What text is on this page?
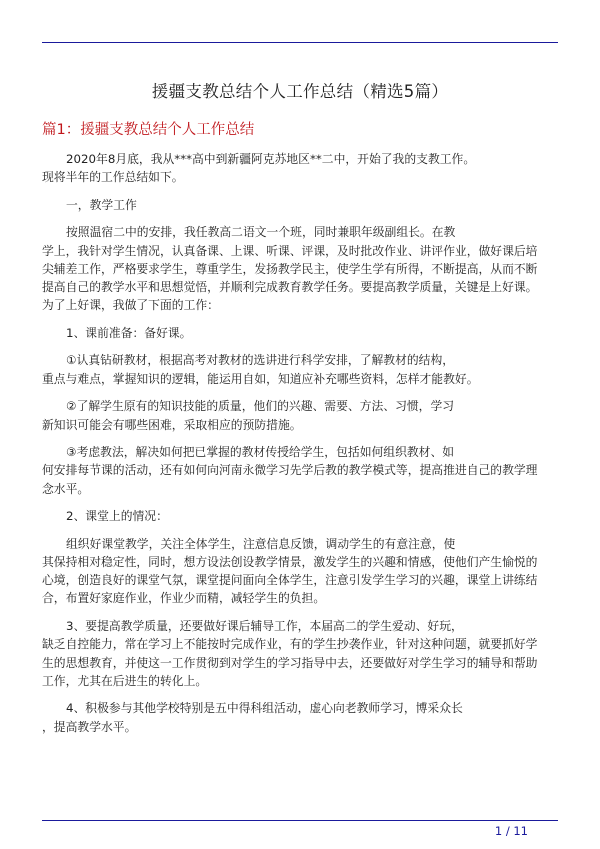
援疆支教总结个人工作总结（精选5篇）
篇1：援疆支教总结个人工作总结

2020年8月底，我从***高中到新疆阿克苏地区**二中，开始了我的支教工作。
现将半年的工作总结如下。

一，教学工作

按照温宿二中的安排，我任教高二语文一个班，同时兼职年级副组长。在教
学上，我针对学生情况，认真备课、上课、听课、评课，及时批改作业、讲评作业，做好课后培
尖辅差工作，严格要求学生，尊重学生，发扬教学民主，使学生学有所得，不断提高，从而不断
提高自己的教学水平和思想觉悟，并顺利完成教育教学任务。要提高教学质量，关键是上好课。
为了上好课，我做了下面的工作：

1、课前准备：备好课。

①认真钻研教材，根据高考对教材的选讲进行科学安排，了解教材的结构，
重点与难点，掌握知识的逻辑，能运用自如，知道应补充哪些资料，怎样才能教好。

②了解学生原有的知识技能的质量，他们的兴趣、需要、方法、习惯，学习
新知识可能会有哪些困难，采取相应的预防措施。

③考虑教法，解决如何把已掌握的教材传授给学生，包括如何组织教材、如
何安排每节课的活动，还有如何向河南永微学习先学后教的教学模式等，提高推进自己的教学理
念水平。

2、课堂上的情况：

组织好课堂教学，关注全体学生，注意信息反馈，调动学生的有意注意，使
其保持相对稳定性，同时，想方设法创设教学情景，激发学生的兴趣和情感，使他们产生愉悦的
心境，创造良好的课堂气氛，课堂提问面向全体学生，注意引发学生学习的兴趣，课堂上讲练结
合，布置好家庭作业，作业少而精，减轻学生的负担。

3、要提高教学质量，还要做好课后辅导工作，本届高二的学生爱动、好玩，
缺乏自控能力，常在学习上不能按时完成作业，有的学生抄袭作业，针对这种问题，就要抓好学
生的思想教育，并使这一工作贯彻到对学生的学习指导中去，还要做好对学生学习的辅导和帮助
工作，尤其在后进生的转化上。

4、积极参与其他学校特别是五中得科组活动，虚心向老教师学习，博采众长
，提高教学水平。

1 / 11
